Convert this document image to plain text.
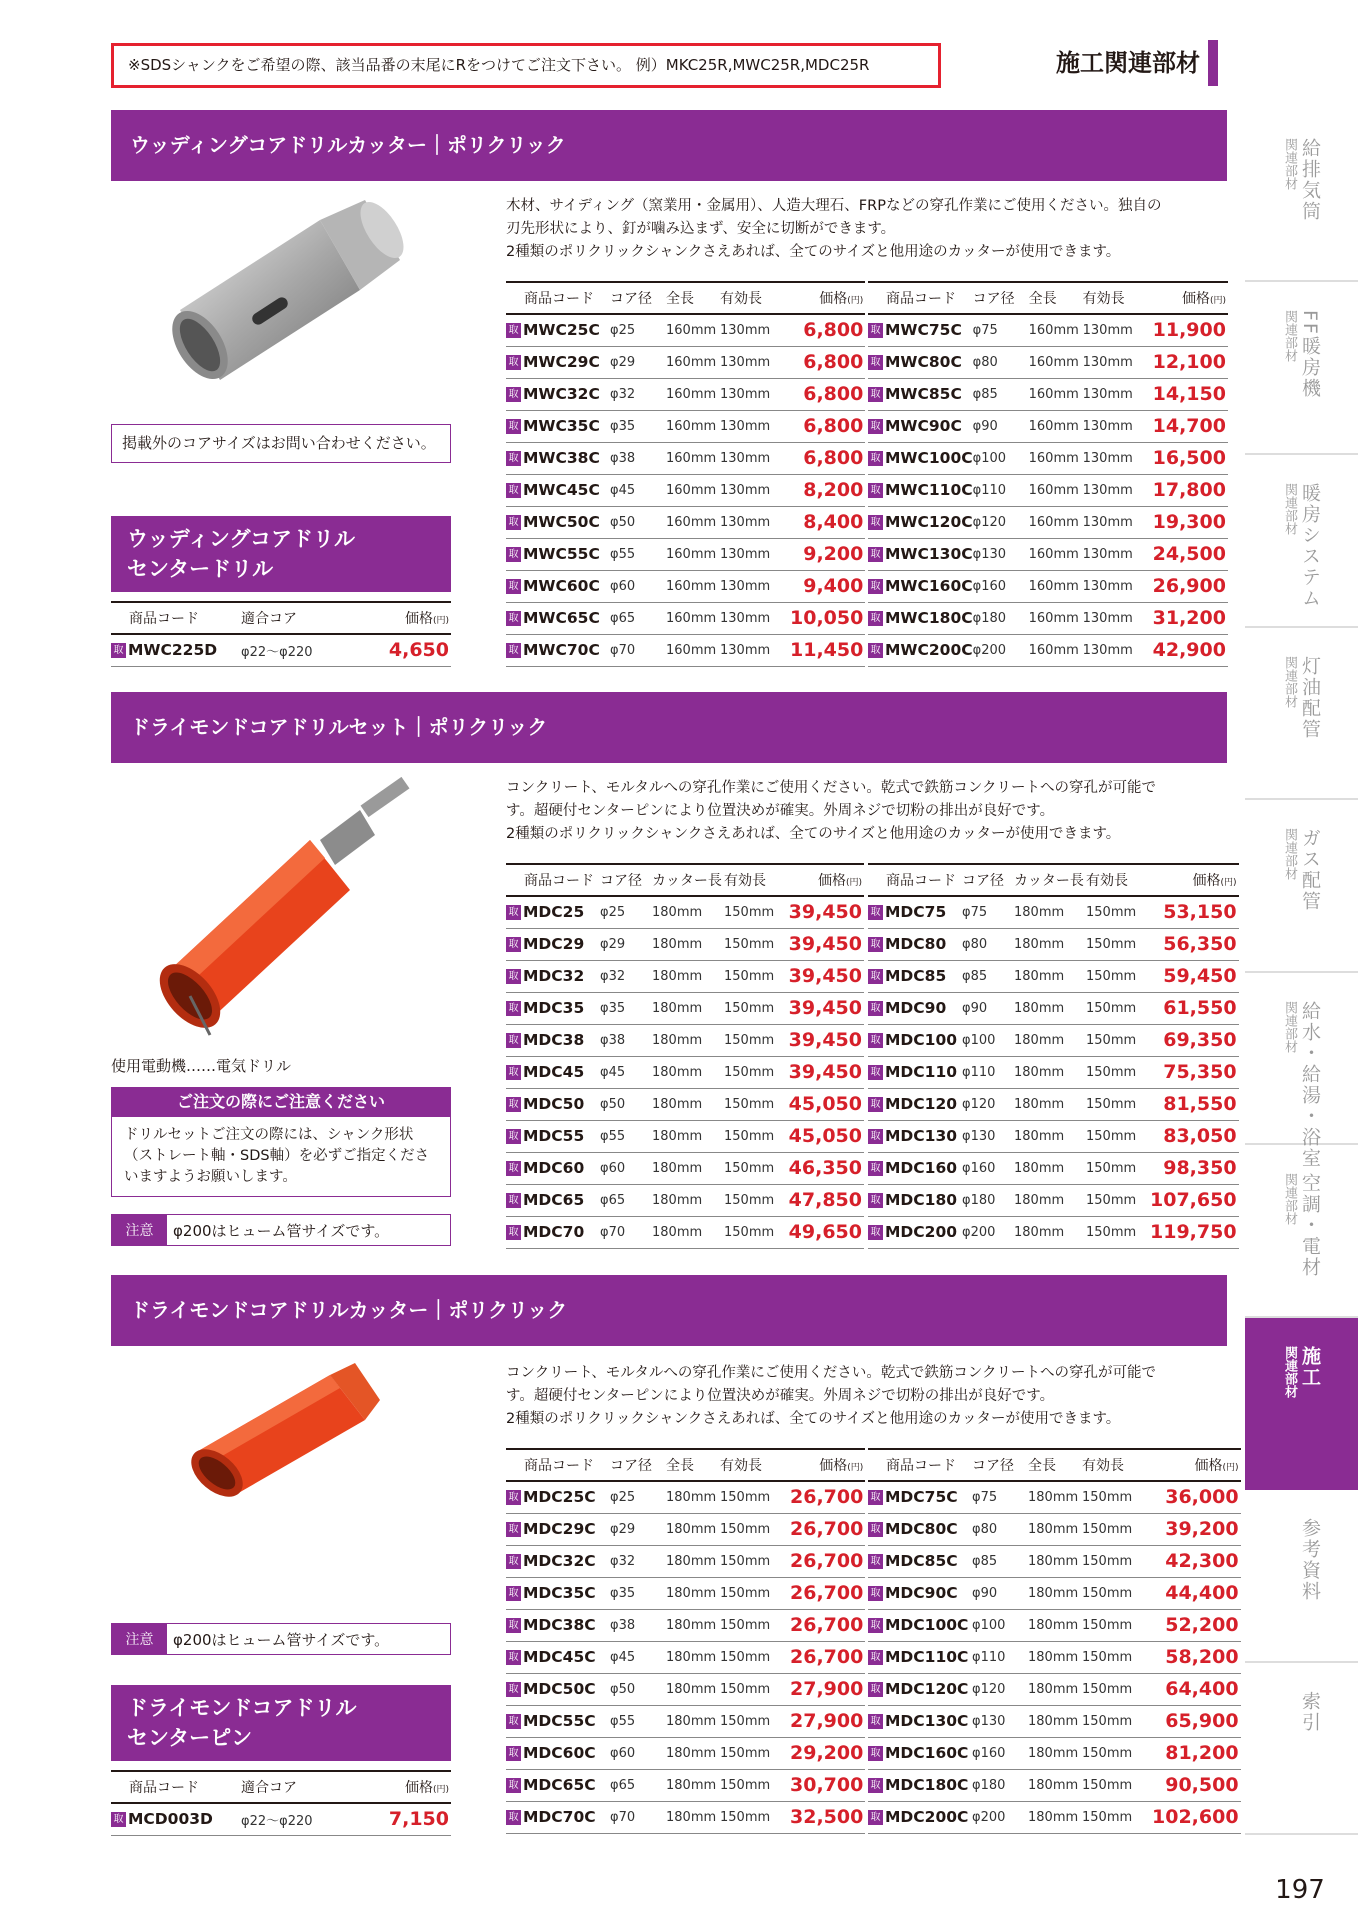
※SDSシャンクをご希望の際、該当品番の末尾にRをつけてご注文下さい。 例）MKC25R,MWC25R,MDC25R	施工関連部材
給排気筒
関連部材
FF暖房機
関連部材
暖房システム
関連部材
灯油配管
関連部材
ガス配管
関連部材
給水・給湯・浴室
関連部材
空調・電材
関連部材
施工
関連部材
参考資料
索引
ウッディングコアドリルカッター｜ポリクリック
木材、サイディング（窯業用・金属用）、人造大理石、FRPなどの穿孔作業にご使用ください。独自の
刃先形状により、釘が噛み込まず、安全に切断ができます。
2種類のポリクリックシャンクさえあれば、全てのサイズと他用途のカッターが使用できます。
商品コード	コア径	全長	有効長	価格(円)
取 MWC25C	φ25	160mm	130mm	6,800
取 MWC29C	φ29	160mm	130mm	6,800
取 MWC32C	φ32	160mm	130mm	6,800
取 MWC35C	φ35	160mm	130mm	6,800
取 MWC38C	φ38	160mm	130mm	6,800
取 MWC45C	φ45	160mm	130mm	8,200
取 MWC50C	φ50	160mm	130mm	8,400
取 MWC55C	φ55	160mm	130mm	9,200
取 MWC60C	φ60	160mm	130mm	9,400
取 MWC65C	φ65	160mm	130mm	10,050
取 MWC70C	φ70	160mm	130mm	11,450
商品コード	コア径	全長	有効長	価格(円)
取 MWC75C	φ75	160mm	130mm	11,900
取 MWC80C	φ80	160mm	130mm	12,100
取 MWC85C	φ85	160mm	130mm	14,150
取 MWC90C	φ90	160mm	130mm	14,700
取 MWC100C	φ100	160mm	130mm	16,500
取 MWC110C	φ110	160mm	130mm	17,800
取 MWC120C	φ120	160mm	130mm	19,300
取 MWC130C	φ130	160mm	130mm	24,500
取 MWC160C	φ160	160mm	130mm	26,900
取 MWC180C	φ180	160mm	130mm	31,200
取 MWC200C	φ200	160mm	130mm	42,900
掲載外のコアサイズはお問い合わせください。
ウッディングコアドリル
センタードリル
商品コード	適合コア	価格(円)
取 MWC225D	φ22〜φ220	4,650
ドライモンドコアドリルセット｜ポリクリック
コンクリート、モルタルへの穿孔作業にご使用ください。乾式で鉄筋コンクリートへの穿孔が可能で
す。超硬付センターピンにより位置決めが確実。外周ネジで切粉の排出が良好です。
2種類のポリクリックシャンクさえあれば、全てのサイズと他用途のカッターが使用できます。
商品コード	コア径	カッター長	有効長	価格(円)
取 MDC25	φ25	180mm	150mm	39,450
取 MDC29	φ29	180mm	150mm	39,450
取 MDC32	φ32	180mm	150mm	39,450
取 MDC35	φ35	180mm	150mm	39,450
取 MDC38	φ38	180mm	150mm	39,450
取 MDC45	φ45	180mm	150mm	39,450
取 MDC50	φ50	180mm	150mm	45,050
取 MDC55	φ55	180mm	150mm	45,050
取 MDC60	φ60	180mm	150mm	46,350
取 MDC65	φ65	180mm	150mm	47,850
取 MDC70	φ70	180mm	150mm	49,650
商品コード	コア径	カッター長	有効長	価格(円)
取 MDC75	φ75	180mm	150mm	53,150
取 MDC80	φ80	180mm	150mm	56,350
取 MDC85	φ85	180mm	150mm	59,450
取 MDC90	φ90	180mm	150mm	61,550
取 MDC100	φ100	180mm	150mm	69,350
取 MDC110	φ110	180mm	150mm	75,350
取 MDC120	φ120	180mm	150mm	81,550
取 MDC130	φ130	180mm	150mm	83,050
取 MDC160	φ160	180mm	150mm	98,350
取 MDC180	φ180	180mm	150mm	107,650
取 MDC200	φ200	180mm	150mm	119,750
使用電動機……電気ドリル
ご注文の際にご注意ください
ドリルセットご注文の際には、シャンク形状（ストレート軸・SDS軸）を必ずご指定くださいますようお願いします。
注意	φ200はヒューム管サイズです。
ドライモンドコアドリルカッター｜ポリクリック
コンクリート、モルタルへの穿孔作業にご使用ください。乾式で鉄筋コンクリートへの穿孔が可能で
す。超硬付センターピンにより位置決めが確実。外周ネジで切粉の排出が良好です。
2種類のポリクリックシャンクさえあれば、全てのサイズと他用途のカッターが使用できます。
商品コード	コア径	全長	有効長	価格(円)
取 MDC25C	φ25	180mm	150mm	26,700
取 MDC29C	φ29	180mm	150mm	26,700
取 MDC32C	φ32	180mm	150mm	26,700
取 MDC35C	φ35	180mm	150mm	26,700
取 MDC38C	φ38	180mm	150mm	26,700
取 MDC45C	φ45	180mm	150mm	26,700
取 MDC50C	φ50	180mm	150mm	27,900
取 MDC55C	φ55	180mm	150mm	27,900
取 MDC60C	φ60	180mm	150mm	29,200
取 MDC65C	φ65	180mm	150mm	30,700
取 MDC70C	φ70	180mm	150mm	32,500
商品コード	コア径	全長	有効長	価格(円)
取 MDC75C	φ75	180mm	150mm	36,000
取 MDC80C	φ80	180mm	150mm	39,200
取 MDC85C	φ85	180mm	150mm	42,300
取 MDC90C	φ90	180mm	150mm	44,400
取 MDC100C	φ100	180mm	150mm	52,200
取 MDC110C	φ110	180mm	150mm	58,200
取 MDC120C	φ120	180mm	150mm	64,400
取 MDC130C	φ130	180mm	150mm	65,900
取 MDC160C	φ160	180mm	150mm	81,200
取 MDC180C	φ180	180mm	150mm	90,500
取 MDC200C	φ200	180mm	150mm	102,600
注意	φ200はヒューム管サイズです。
ドライモンドコアドリル
センターピン
商品コード	適合コア	価格(円)
取 MCD003D	φ22〜φ220	7,150
197
